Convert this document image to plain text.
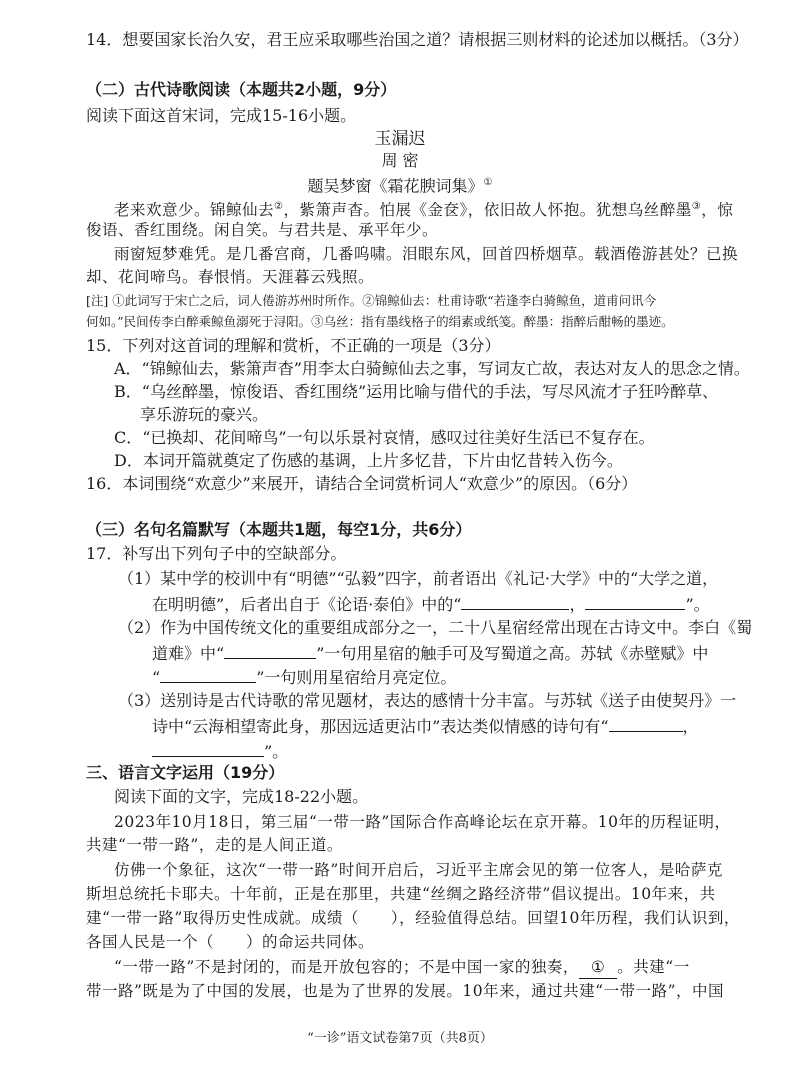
14．想要国家长治久安，君王应采取哪些治国之道？请根据三则材料的论述加以概括。（3分）
（二）古代诗歌阅读（本题共2小题，9分）
阅读下面这首宋词，完成15-16小题。
玉漏迟
周 密
题吴梦窗《霜花腴词集》①
老来欢意少。锦鲸仙去②，紫箫声杳。怕展《金奁》，依旧故人怀抱。犹想乌丝醉墨③，惊
俊语、香红围绕。闲自笑。与君共是、承平年少。
雨窗短梦难凭。是几番宫商，几番呜啸。泪眼东风，回首四桥烟草。载酒倦游甚处？已换
却、花间啼鸟。春恨悄。天涯暮云残照。
[注] ①此词写于宋亡之后，词人倦游苏州时所作。②锦鲸仙去：杜甫诗歌“若逢李白骑鲸鱼，道甫问讯今
何如。”民间传李白醉乘鲸鱼溺死于浔阳。③乌丝：指有墨线格子的绢素或纸笺。醉墨：指醉后酣畅的墨迹。
15．下列对这首词的理解和赏析，不正确的一项是（3分）
A．“锦鲸仙去，紫箫声杳”用李太白骑鲸仙去之事，写词友亡故，表达对友人的思念之情。
B．“乌丝醉墨，惊俊语、香红围绕”运用比喻与借代的手法，写尽风流才子狂吟醉草、
享乐游玩的豪兴。
C．“已换却、花间啼鸟”一句以乐景衬哀情，感叹过往美好生活已不复存在。
D．本词开篇就奠定了伤感的基调，上片多忆昔，下片由忆昔转入伤今。
16．本词围绕“欢意少”来展开，请结合全词赏析词人“欢意少”的原因。（6分）
（三）名句名篇默写（本题共1题，每空1分，共6分）
17．补写出下列句子中的空缺部分。
（1）某中学的校训中有“明德”“弘毅”四字，前者语出《礼记·大学》中的“大学之道，
在明明德”，后者出自于《论语·泰伯》中的“	，	”。
（2）作为中国传统文化的重要组成部分之一，二十八星宿经常出现在古诗文中。李白《蜀
道难》中“	”一句用星宿的触手可及写蜀道之高。苏轼《赤壁赋》中
“	”一句则用星宿给月亮定位。
（3）送别诗是古代诗歌的常见题材，表达的感情十分丰富。与苏轼《送子由使契丹》一
诗中“云海相望寄此身，那因远适更沾巾”表达类似情感的诗句有“	，
”。
三、语言文字运用（19分）
阅读下面的文字，完成18-22小题。
2023年10月18日，第三届“一带一路”国际合作高峰论坛在京开幕。10年的历程证明，
共建“一带一路”，走的是人间正道。
仿佛一个象征，这次“一带一路”时间开启后，习近平主席会见的第一位客人，是哈萨克
斯坦总统托卡耶夫。十年前，正是在那里，共建“丝绸之路经济带”倡议提出。10年来，共
建“一带一路”取得历史性成就。成绩（　　），经验值得总结。回望10年历程，我们认识到，
各国人民是一个（　　）的命运共同体。
“一带一路”不是封闭的，而是开放包容的；不是中国一家的独奏， ① 。共建“一
带一路”既是为了中国的发展，也是为了世界的发展。10年来，通过共建“一带一路”，中国
“一诊”语文试卷第7页（共8页）
